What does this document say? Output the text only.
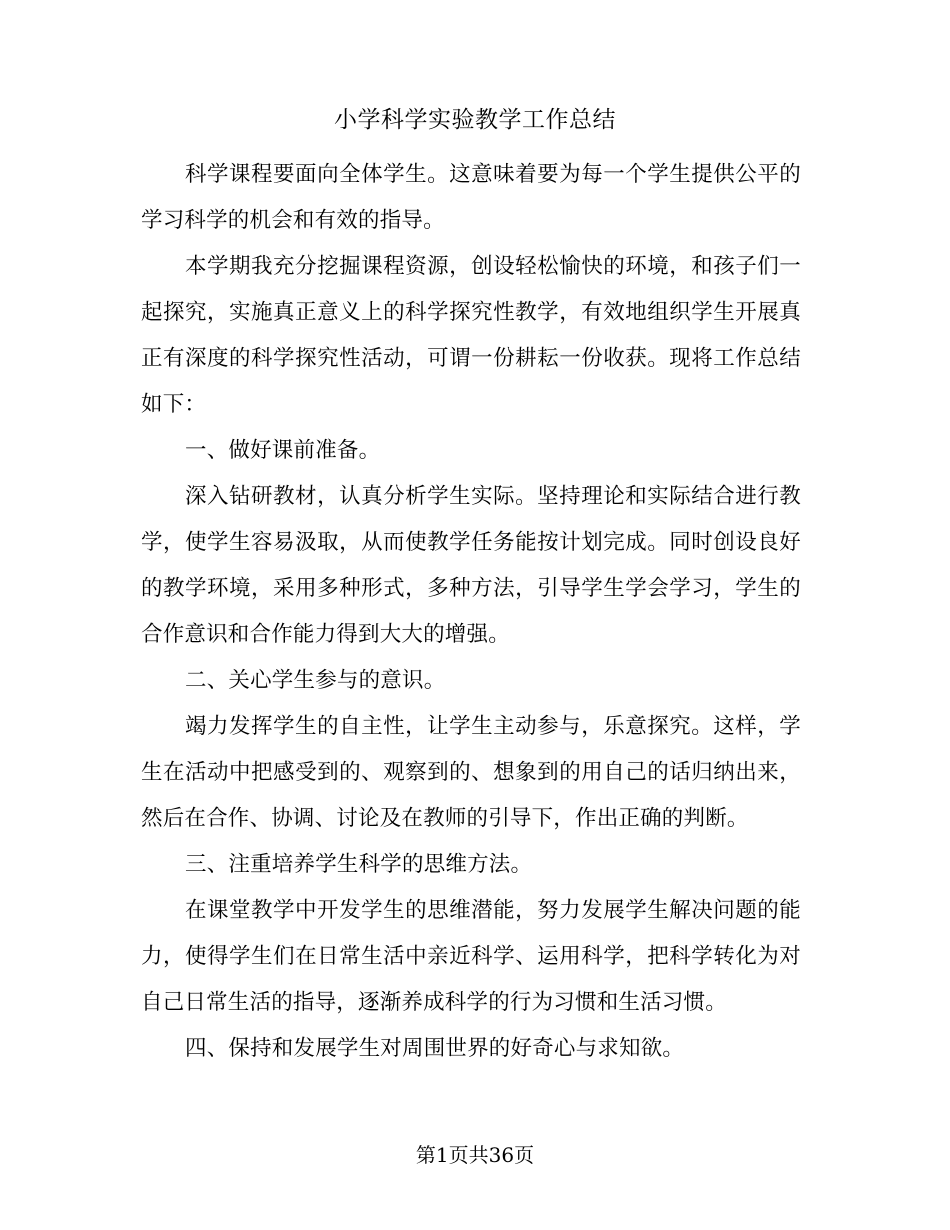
小学科学实验教学工作总结

科学课程要面向全体学生。这意味着要为每一个学生提供公平的学习科学的机会和有效的指导。

本学期我充分挖掘课程资源，创设轻松愉快的环境，和孩子们一起探究，实施真正意义上的科学探究性教学，有效地组织学生开展真正有深度的科学探究性活动，可谓一份耕耘一份收获。现将工作总结如下：

一、做好课前准备。

深入钻研教材，认真分析学生实际。坚持理论和实际结合进行教学，使学生容易汲取，从而使教学任务能按计划完成。同时创设良好的教学环境，采用多种形式，多种方法，引导学生学会学习，学生的合作意识和合作能力得到大大的增强。

二、关心学生参与的意识。

竭力发挥学生的自主性，让学生主动参与，乐意探究。这样，学生在活动中把感受到的、观察到的、想象到的用自己的话归纳出来，然后在合作、协调、讨论及在教师的引导下，作出正确的判断。

三、注重培养学生科学的思维方法。

在课堂教学中开发学生的思维潜能，努力发展学生解决问题的能力，使得学生们在日常生活中亲近科学、运用科学，把科学转化为对自己日常生活的指导，逐渐养成科学的行为习惯和生活习惯。

四、保持和发展学生对周围世界的好奇心与求知欲。

第1页共36页
